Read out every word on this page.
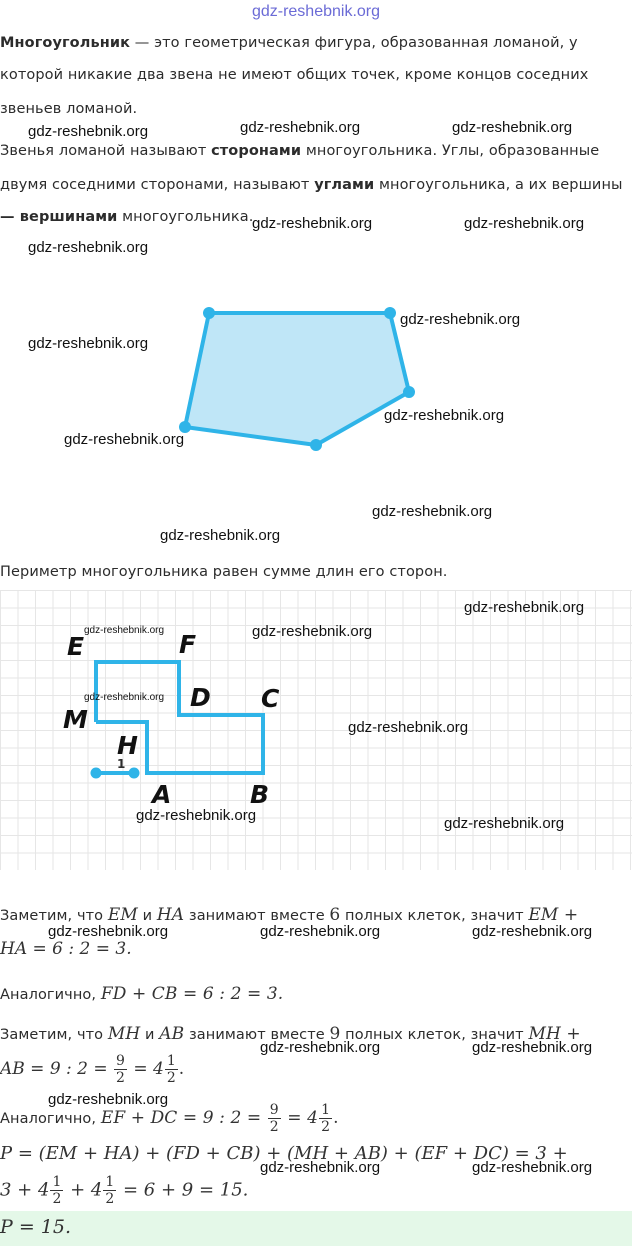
gdz-reshebnik.org
Многоугольник — это геометрическая фигура, образованная ломаной, у
которой никакие два звена не имеют общих точек, кроме концов соседних
звеньев ломаной.
Звенья ломаной называют сторонами многоугольника. Углы, образованные
двумя соседними сторонами, называют углами многоугольника, а их вершины
— вершинами многоугольника.
Периметр многоугольника равен сумме длин его сторон.
E	F
D C
M
H
1
A	B
Заметим, что EM и HA занимают вместе 6 полных клеток, значит EM +
HA = 6 : 2 = 3.
Аналогично, FD + CB = 6 : 2 = 3.
Заметим, что MH и AB занимают вместе 9 полных клеток, значит MH +
AB = 9 : $2 = \frac{9}{2} = 4 \frac{1}{2}$ .
Аналогично, EF + DC = 9 : $2 = \frac{9}{2} = 4 \frac{1}{2}$ .
P = (EM + HA) + (FD + CB) + (MH + AB) + (EF + DC) = 3 +
$3 + 4 \frac{1}{2} + 4 \frac{1}{2} = 6 + 9 = 15$.
P = 15.
gdz-reshebnik.org	gdz-reshebnik.org	gdz-reshebnik.org
gdz-reshebnik.org	gdz-reshebnik.org
gdz-reshebnik.org
gdz-reshebnik.org
gdz-reshebnik.org
gdz-reshebnik.org
gdz-reshebnik.org
gdz-reshebnik.org
gdz-reshebnik.org
gdz-reshebnik.org
gdz-reshebnik.org	gdz-reshebnik.org
gdz-reshebnik.org
gdz-reshebnik.org
gdz-reshebnik.org	gdz-reshebnik.org
gdz-reshebnik.org	gdz-reshebnik.org	gdz-reshebnik.org
gdz-reshebnik.org	gdz-reshebnik.org
gdz-reshebnik.org
gdz-reshebnik.org	gdz-reshebnik.org
